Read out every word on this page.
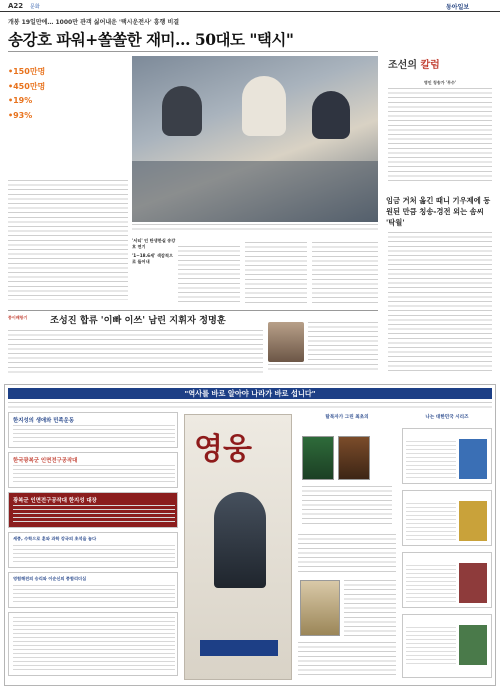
A22 문화	동아일보
개봉 19일만에… 1000만 관객 싫어내운 '택시운전사' 흥행 비결
송강호 파워+쏠쏠한 재미… 50대도 "택시"
•150만명
•450만명
•19%
•93%
'서티' 인 탄생한실 송강호 연기
'1~18.6세' 색감적으로 들어내
조선의 칼럼
영인 칭송가 '무수'
임금 거처 옮긴 때니 기우제에 동원된 만큼 칭송-경전 외는 솜씨 '탁월'
종이배항기 조성진 합류 '이빠 이쓰' 남린 지휘자 정명훈
"역사를 바로 알아야 나라가 바로 섭니다"
한지성의 생애와 민족운동
한국광복군 인면전구공작대
광복군 인면전구공작대 한지성 대장
세종, 수학으로 훈와 과학 강국의 초석을 놓다
영험해전의 승리와 이순신의 종합리더십
영웅
탈북자가 그린 최초의	나는 대한민국 시리즈
